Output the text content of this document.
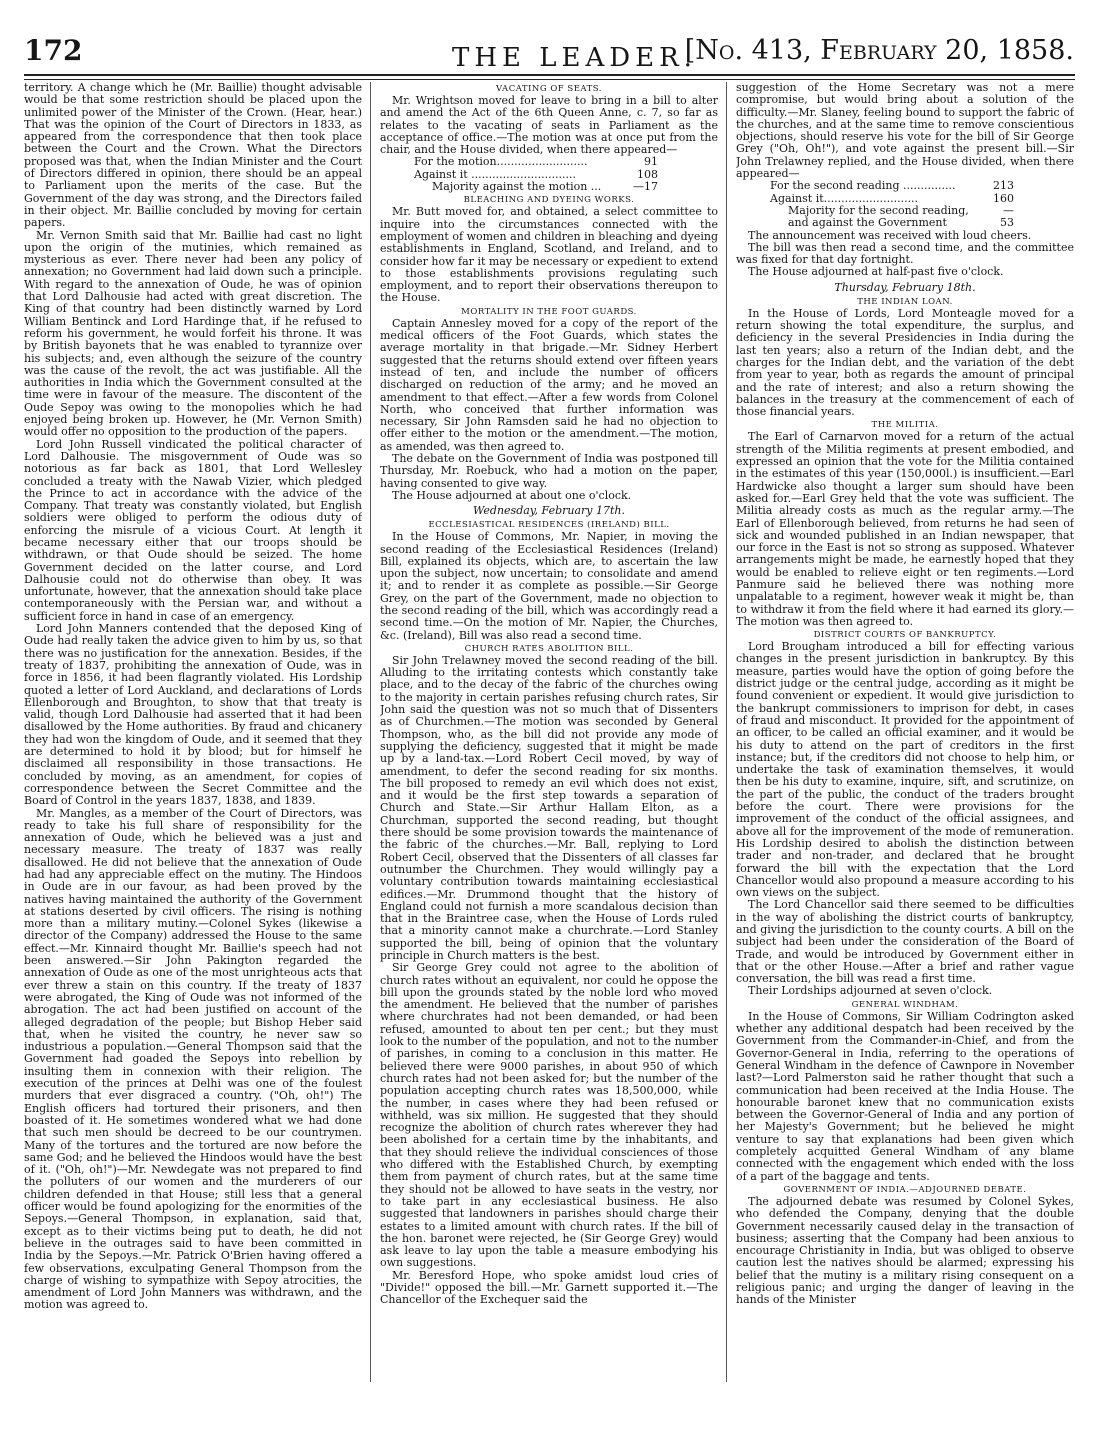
172	THE LEADER.
[No. 413, February 20, 1858.

territory. A change which he (Mr. Baillie) thought advisable would be that some restriction should be placed upon the unlimited power of the Minister of the Crown. (Hear, hear.) That was the opinion of the Court of Directors in 1833, as appeared from the correspondence that then took place between the Court and the Crown. What the Directors proposed was that, when the Indian Minister and the Court of Directors differed in opinion, there should be an appeal to Parliament upon the merits of the case. But the Government of the day was strong, and the Directors failed in their object. Mr. Baillie concluded by moving for certain papers.

Mr. Vernon Smith said that Mr. Baillie had cast no light upon the origin of the mutinies, which remained as mysterious as ever. There never had been any policy of annexation; no Government had laid down such a principle. With regard to the annexation of Oude, he was of opinion that Lord Dalhousie had acted with great discretion. The King of that country had been distinctly warned by Lord William Bentinck and Lord Hardinge that, if he refused to reform his government, he would forfeit his throne. It was by British bayonets that he was enabled to tyrannize over his subjects; and, even although the seizure of the country was the cause of the revolt, the act was justifiable. All the authorities in India which the Government consulted at the time were in favour of the measure. The discontent of the Oude Sepoy was owing to the monopolies which he had enjoyed being broken up. However, he (Mr. Vernon Smith) would offer no opposition to the production of the papers.

Lord John Russell vindicated the political character of Lord Dalhousie. The misgovernment of Oude was so notorious as far back as 1801, that Lord Wellesley concluded a treaty with the Nawab Vizier, which pledged the Prince to act in accordance with the advice of the Company. That treaty was constantly violated, but English soldiers were obliged to perform the odious duty of enforcing the misrule of a vicious Court. At length it became necessary either that our troops should be withdrawn, or that Oude should be seized. The home Government decided on the latter course, and Lord Dalhousie could not do otherwise than obey. It was unfortunate, however, that the annexation should take place contemporaneously with the Persian war, and without a sufficient force in hand in case of an emergency.

Lord John Manners contended that the deposed King of Oude had really taken the advice given to him by us, so that there was no justification for the annexation. Besides, if the treaty of 1837, prohibiting the annexation of Oude, was in force in 1856, it had been flagrantly violated. His Lordship quoted a letter of Lord Auckland, and declarations of Lords Ellenborough and Broughton, to show that that treaty is valid, though Lord Dalhousie had asserted that it had been disallowed by the Home authorities. By fraud and chicanery they had won the kingdom of Oude, and it seemed that they are determined to hold it by blood; but for himself he disclaimed all responsibility in those transactions. He concluded by moving, as an amendment, for copies of correspondence between the Secret Committee and the Board of Control in the years 1837, 1838, and 1839.

Mr. Mangles, as a member of the Court of Directors, was ready to take his full share of responsibility for the annexation of Oude, which he believed was a just and necessary measure. The treaty of 1837 was really disallowed. He did not believe that the annexation of Oude had had any appreciable effect on the mutiny. The Hindoos in Oude are in our favour, as had been proved by the natives having maintained the authority of the Government at stations deserted by civil officers. The rising is nothing more than a military mutiny.—Colonel Sykes (likewise a director of the Company) addressed the House to the same effect.—Mr. Kinnaird thought Mr. Baillie's speech had not been answered.—Sir John Pakington regarded the annexation of Oude as one of the most unrighteous acts that ever threw a stain on this country. If the treaty of 1837 were abrogated, the King of Oude was not informed of the abrogation. The act had been justified on account of the alleged degradation of the people; but Bishop Heber said that, when he visited the country, he never saw so industrious a population.—General Thompson said that the Government had goaded the Sepoys into rebellion by insulting them in connexion with their religion. The execution of the princes at Delhi was one of the foulest murders that ever disgraced a country. ("Oh, oh!") The English officers had tortured their prisoners, and then boasted of it. He sometimes wondered what we had done that such men should be decreed to be our countrymen. Many of the tortures and the tortured are now before the same God; and he believed the Hindoos would have the best of it. ("Oh, oh!")—Mr. Newdegate was not prepared to find the polluters of our women and the murderers of our children defended in that House; still less that a general officer would be found apologizing for the enormities of the Sepoys.—General Thompson, in explanation, said that, except as to their victims being put to death, he did not believe in the outrages said to have been committed in India by the Sepoys.—Mr. Patrick O'Brien having offered a few observations, exculpating General Thompson from the charge of wishing to sympathize with Sepoy atrocities, the amendment of Lord John Manners was withdrawn, and the motion was agreed to.

VACATING OF SEATS.

Mr. Wrightson moved for leave to bring in a bill to alter and amend the Act of the 6th Queen Anne, c. 7, so far as relates to the vacating of seats in Parliament as the acceptance of office.—The motion was at once put from the chair, and the House divided, when there appeared—

For the motion..........................	91
Against it ..............................	108
Majority against the motion ...	—17
BLEACHING AND DYEING WORKS.

Mr. Butt moved for, and obtained, a select committee to inquire into the circumstances connected with the employment of women and children in bleaching and dyeing establishments in England, Scotland, and Ireland, and to consider how far it may be necessary or expedient to extend to those establishments provisions regulating such employment, and to report their observations thereupon to the House.

MORTALITY IN THE FOOT GUARDS.

Captain Annesley moved for a copy of the report of the medical officers of the Foot Guards, which states the average mortality in that brigade.—Mr. Sidney Herbert suggested that the returns should extend over fifteen years instead of ten, and include the number of officers discharged on reduction of the army; and he moved an amendment to that effect.—After a few words from Colonel North, who conceived that further information was necessary, Sir John Ramsden said he had no objection to offer either to the motion or the amendment.—The motion, as amended, was then agreed to.

The debate on the Government of India was postponed till Thursday, Mr. Roebuck, who had a motion on the paper, having consented to give way.

The House adjourned at about one o'clock.

Wednesday, February 17th.
ECCLESIASTICAL RESIDENCES (IRELAND) BILL.

In the House of Commons, Mr. Napier, in moving the second reading of the Ecclesiastical Residences (Ireland) Bill, explained its objects, which are, to ascertain the law upon the subject, now uncertain; to consolidate and amend it; and to render it as complete as possible.—Sir George Grey, on the part of the Government, made no objection to the second reading of the bill, which was accordingly read a second time.—On the motion of Mr. Napier, the Churches, &c. (Ireland), Bill was also read a second time.

CHURCH RATES ABOLITION BILL.

Sir John Trelawney moved the second reading of the bill. Alluding to the irritating contests which constantly take place, and to the decay of the fabric of the churches owing to the majority in certain parishes refusing church rates, Sir John said the question was not so much that of Dissenters as of Churchmen.—The motion was seconded by General Thompson, who, as the bill did not provide any mode of supplying the deficiency, suggested that it might be made up by a land-tax.—Lord Robert Cecil moved, by way of amendment, to defer the second reading for six months. The bill proposed to remedy an evil which does not exist, and it would be the first step towards a separation of Church and State.—Sir Arthur Hallam Elton, as a Churchman, supported the second reading, but thought there should be some provision towards the maintenance of the fabric of the churches.—Mr. Ball, replying to Lord Robert Cecil, observed that the Dissenters of all classes far outnumber the Churchmen. They would willingly pay a voluntary contribution towards maintaining ecclesiastical edifices.—Mr. Drummond thought that the history of England could not furnish a more scandalous decision than that in the Braintree case, when the House of Lords ruled that a minority cannot make a churchrate.—Lord Stanley supported the bill, being of opinion that the voluntary principle in Church matters is the best.

Sir George Grey could not agree to the abolition of church rates without an equivalent, nor could he oppose the bill upon the grounds stated by the noble lord who moved the amendment. He believed that the number of parishes where churchrates had not been demanded, or had been refused, amounted to about ten per cent.; but they must look to the number of the population, and not to the number of parishes, in coming to a conclusion in this matter. He believed there were 9000 parishes, in about 950 of which church rates had not been asked for; but the number of the population accepting church rates was 18,500,000, while the number, in cases where they had been refused or withheld, was six million. He suggested that they should recognize the abolition of church rates wherever they had been abolished for a certain time by the inhabitants, and that they should relieve the individual consciences of those who differed with the Established Church, by exempting them from payment of church rates, but at the same time they should not be allowed to have seats in the vestry, nor to take part in any ecclesiastical business. He also suggested that landowners in parishes should charge their estates to a limited amount with church rates. If the bill of the hon. baronet were rejected, he (Sir George Grey) would ask leave to lay upon the table a measure embodying his own suggestions.

Mr. Beresford Hope, who spoke amidst loud cries of "Divide!" opposed the bill.—Mr. Garnett supported it.—The Chancellor of the Exchequer said the

suggestion of the Home Secretary was not a mere compromise, but would bring about a solution of the difficulty.—Mr. Slaney, feeling bound to support the fabric of the churches, and at the same time to remove conscientious objections, should reserve his vote for the bill of Sir George Grey ("Oh, Oh!"), and vote against the present bill.—Sir John Trelawney replied, and the House divided, when there appeared—

For the second reading ...............	213
Against it...........................	160
Majority for the second reading,	—
and against the Government	53

The announcement was received with loud cheers.

The bill was then read a second time, and the committee was fixed for that day fortnight.

The House adjourned at half-past five o'clock.

Thursday, February 18th.
THE INDIAN LOAN.

In the House of Lords, Lord Monteagle moved for a return showing the total expenditure, the surplus, and deficiency in the several Presidencies in India during the last ten years; also a return of the Indian debt, and the charges for the Indian debt, and the variation of the debt from year to year, both as regards the amount of principal and the rate of interest; and also a return showing the balances in the treasury at the commencement of each of those financial years.

THE MILITIA.

The Earl of Carnarvon moved for a return of the actual strength of the Militia regiments at present embodied, and expressed an opinion that the vote for the Militia contained in the estimates of this year (150,000l.) is insufficient.—Earl Hardwicke also thought a larger sum should have been asked for.—Earl Grey held that the vote was sufficient. The Militia already costs as much as the regular army.—The Earl of Ellenborough believed, from returns he had seen of sick and wounded published in an Indian newspaper, that our force in the East is not so strong as supposed. Whatever arrangements might be made, he earnestly hoped that they would be enabled to relieve eight or ten regiments.—Lord Panmure said he believed there was nothing more unpalatable to a regiment, however weak it might be, than to withdraw it from the field where it had earned its glory.—The motion was then agreed to.

DISTRICT COURTS OF BANKRUPTCY.

Lord Brougham introduced a bill for effecting various changes in the present jurisdiction in bankruptcy. By this measure, parties would have the option of going before the district judge or the central judge, according as it might be found convenient or expedient. It would give jurisdiction to the bankrupt commissioners to imprison for debt, in cases of fraud and misconduct. It provided for the appointment of an officer, to be called an official examiner, and it would be his duty to attend on the part of creditors in the first instance; but, if the creditors did not choose to help him, or undertake the task of examination themselves, it would then be his duty to examine, inquire, sift, and scrutinize, on the part of the public, the conduct of the traders brought before the court. There were provisions for the improvement of the conduct of the official assignees, and above all for the improvement of the mode of remuneration. His Lordship desired to abolish the distinction between trader and non-trader, and declared that he brought forward the bill with the expectation that the Lord Chancellor would also propound a measure according to his own views on the subject.

The Lord Chancellor said there seemed to be difficulties in the way of abolishing the district courts of bankruptcy, and giving the jurisdiction to the county courts. A bill on the subject had been under the consideration of the Board of Trade, and would be introduced by Government either in that or the other House.—After a brief and rather vague conversation, the bill was read a first time.

Their Lordships adjourned at seven o'clock.

GENERAL WINDHAM.

In the House of Commons, Sir William Codrington asked whether any additional despatch had been received by the Government from the Commander-in-Chief, and from the Governor-General in India, referring to the operations of General Windham in the defence of Cawnpore in November last?—Lord Palmerston said he rather thought that such a communication had been received at the India House. The honourable baronet knew that no communication exists between the Governor-General of India and any portion of her Majesty's Government; but he believed he might venture to say that explanations had been given which completely acquitted General Windham of any blame connected with the engagement which ended with the loss of a part of the baggage and tents.

GOVERNMENT OF INDIA.—ADJOURNED DEBATE.

The adjourned debate was resumed by Colonel Sykes, who defended the Company, denying that the double Government necessarily caused delay in the transaction of business; asserting that the Company had been anxious to encourage Christianity in India, but was obliged to observe caution lest the natives should be alarmed; expressing his belief that the mutiny is a military rising consequent on a religious panic; and urging the danger of leaving in the hands of the Minister
